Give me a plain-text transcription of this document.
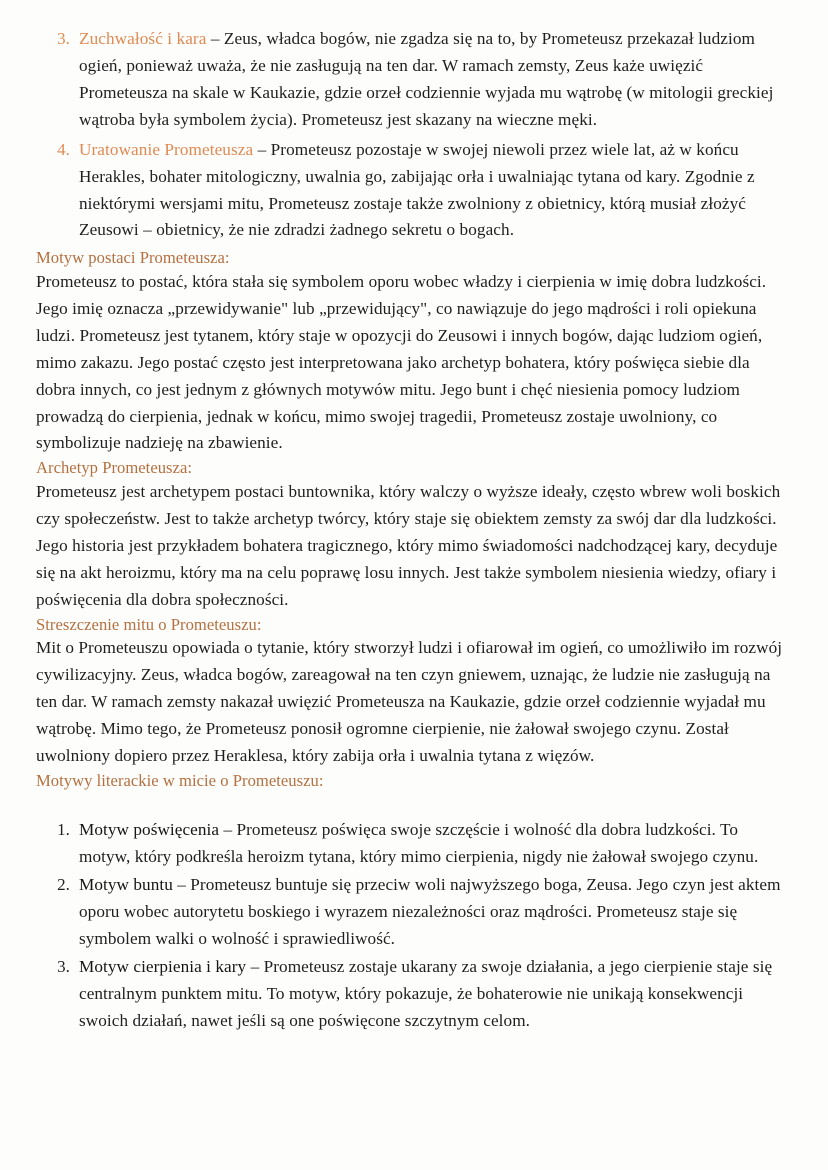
3. Zuchwałość i kara – Zeus, władca bogów, nie zgadza się na to, by Prometeusz przekazał ludziom ogień, ponieważ uważa, że nie zasługują na ten dar. W ramach zemsty, Zeus każe uwięzić Prometeusza na skale w Kaukazie, gdzie orzeł codziennie wyjada mu wątrobę (w mitologii greckiej wątroba była symbolem życia). Prometeusz jest skazany na wieczne męki.
4. Uratowanie Prometeusza – Prometeusz pozostaje w swojej niewoli przez wiele lat, aż w końcu Herakles, bohater mitologiczny, uwalnia go, zabijając orła i uwalniając tytana od kary. Zgodnie z niektórymi wersjami mitu, Prometeusz zostaje także zwolniony z obietnicy, którą musiał złożyć Zeusowi – obietnicy, że nie zdradzi żadnego sekretu o bogach.
Motyw postaci Prometeusza:

Prometeusz to postać, która stała się symbolem oporu wobec władzy i cierpienia w imię dobra ludzkości. Jego imię oznacza „przewidywanie" lub „przewidujący", co nawiązuje do jego mądrości i roli opiekuna ludzi. Prometeusz jest tytanem, który staje w opozycji do Zeusowi i innych bogów, dając ludziom ogień, mimo zakazu. Jego postać często jest interpretowana jako archetyp bohatera, który poświęca siebie dla dobra innych, co jest jednym z głównych motywów mitu. Jego bunt i chęć niesienia pomocy ludziom prowadzą do cierpienia, jednak w końcu, mimo swojej tragedii, Prometeusz zostaje uwolniony, co symbolizuje nadzieję na zbawienie.

Archetyp Prometeusza:

Prometeusz jest archetypem postaci buntownika, który walczy o wyższe ideały, często wbrew woli boskich czy społeczeństw. Jest to także archetyp twórcy, który staje się obiektem zemsty za swój dar dla ludzkości. Jego historia jest przykładem bohatera tragicznego, który mimo świadomości nadchodzącej kary, decyduje się na akt heroizmu, który ma na celu poprawę losu innych. Jest także symbolem niesienia wiedzy, ofiary i poświęcenia dla dobra społeczności.

Streszczenie mitu o Prometeuszu:

Mit o Prometeuszu opowiada o tytanie, który stworzył ludzi i ofiarował im ogień, co umożliwiło im rozwój cywilizacyjny. Zeus, władca bogów, zareagował na ten czyn gniewem, uznając, że ludzie nie zasługują na ten dar. W ramach zemsty nakazał uwięzić Prometeusza na Kaukazie, gdzie orzeł codziennie wyjadał mu wątrobę. Mimo tego, że Prometeusz ponosił ogromne cierpienie, nie żałował swojego czynu. Został uwolniony dopiero przez Heraklesa, który zabija orła i uwalnia tytana z więzów.

Motywy literackie w micie o Prometeuszu:
1. Motyw poświęcenia – Prometeusz poświęca swoje szczęście i wolność dla dobra ludzkości. To motyw, który podkreśla heroizm tytana, który mimo cierpienia, nigdy nie żałował swojego czynu.
2. Motyw buntu – Prometeusz buntuje się przeciw woli najwyższego boga, Zeusa. Jego czyn jest aktem oporu wobec autorytetu boskiego i wyrazem niezależności oraz mądrości. Prometeusz staje się symbolem walki o wolność i sprawiedliwość.
3. Motyw cierpienia i kary – Prometeusz zostaje ukarany za swoje działania, a jego cierpienie staje się centralnym punktem mitu. To motyw, który pokazuje, że bohaterowie nie unikają konsekwencji swoich działań, nawet jeśli są one poświęcone szczytnym celom.
